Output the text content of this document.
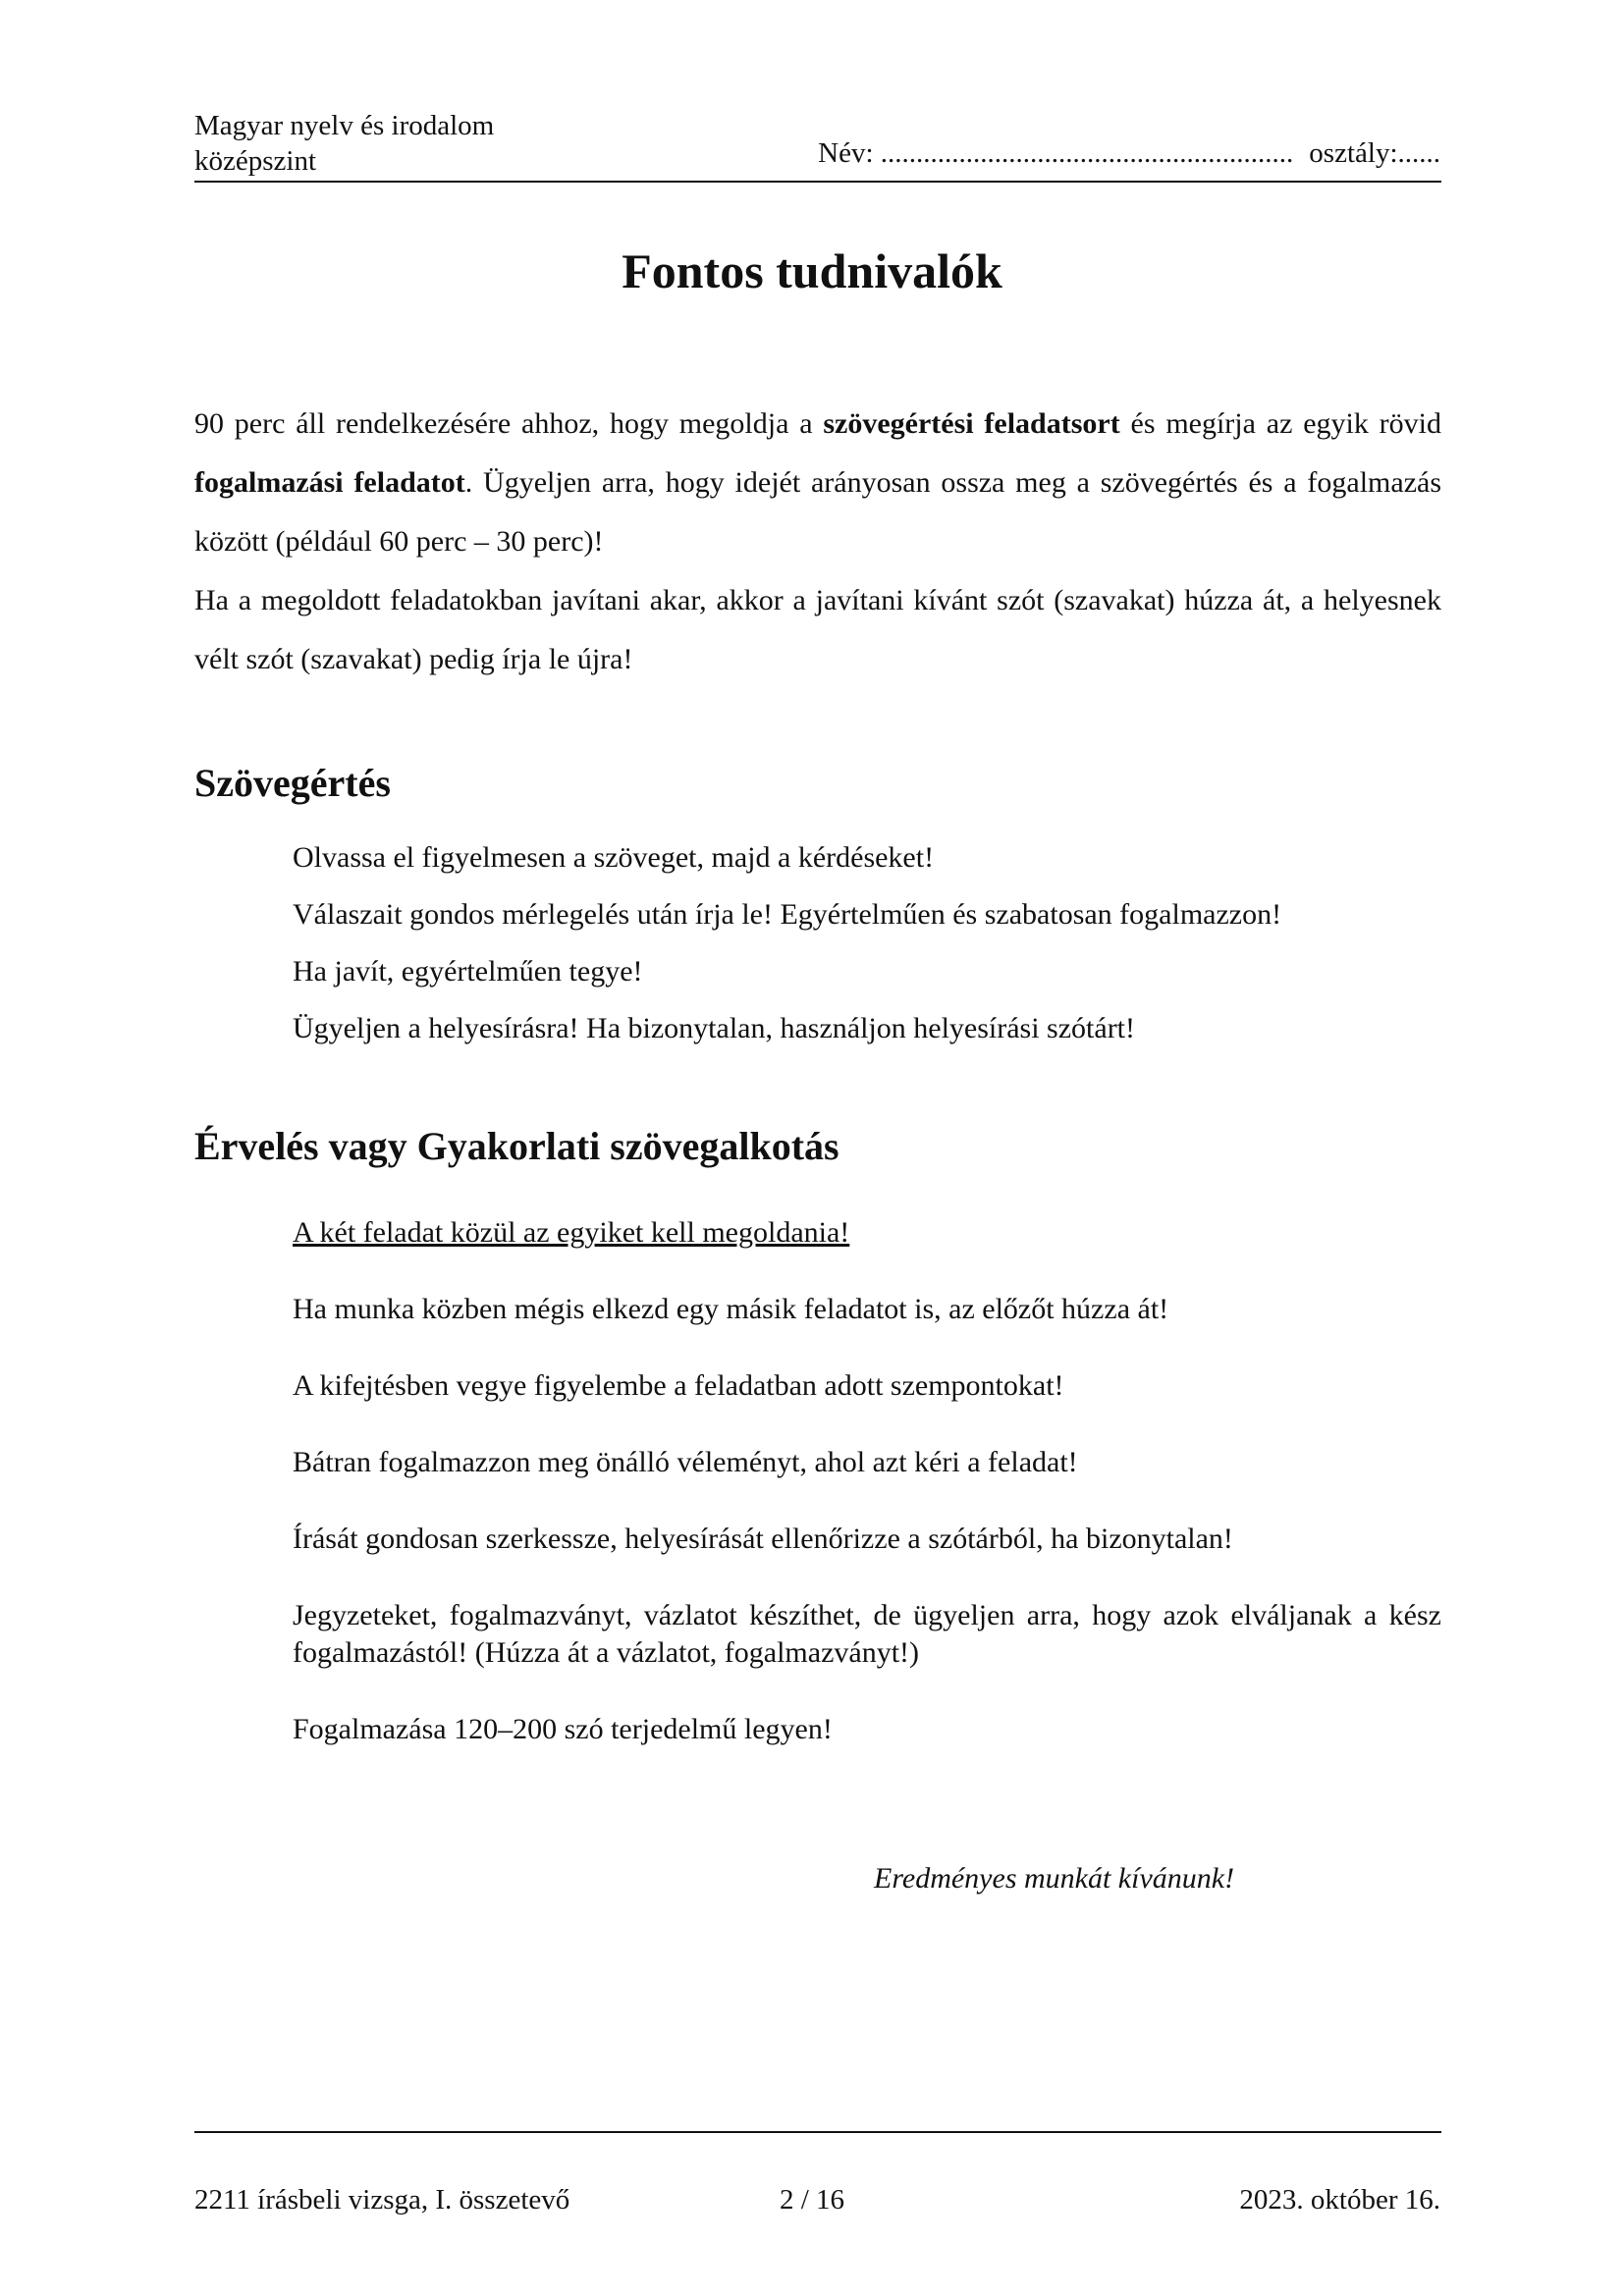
Magyar nyelv és irodalom
középszint	Név: .......................................................... osztály:......
Fontos tudnivalók

90 perc áll rendelkezésére ahhoz, hogy megoldja a szövegértési feladatsort és megírja az egyik rövid fogalmazási feladatot. Ügyeljen arra, hogy idejét arányosan ossza meg a szövegértés és a fogalmazás között (például 60 perc – 30 perc)!

Ha a megoldott feladatokban javítani akar, akkor a javítani kívánt szót (szavakat) húzza át, a helyesnek vélt szót (szavakat) pedig írja le újra!

Szövegértés
Olvassa el figyelmesen a szöveget, majd a kérdéseket!
Válaszait gondos mérlegelés után írja le! Egyértelműen és szabatosan fogalmazzon!
Ha javít, egyértelműen tegye!
Ügyeljen a helyesírásra! Ha bizonytalan, használjon helyesírási szótárt!
Érvelés vagy Gyakorlati szövegalkotás

A két feladat közül az egyiket kell megoldania!

Ha munka közben mégis elkezd egy másik feladatot is, az előzőt húzza át!

A kifejtésben vegye figyelembe a feladatban adott szempontokat!

Bátran fogalmazzon meg önálló véleményt, ahol azt kéri a feladat!

Írását gondosan szerkessze, helyesírását ellenőrizze a szótárból, ha bizonytalan!

Jegyzeteket, fogalmazványt, vázlatot készíthet, de ügyeljen arra, hogy azok elváljanak a kész fogalmazástól! (Húzza át a vázlatot, fogalmazványt!)

Fogalmazása 120–200 szó terjedelmű legyen!

Eredményes munkát kívánunk!
2211 írásbeli vizsga, I. összetevő	2 / 16	2023. október 16.
